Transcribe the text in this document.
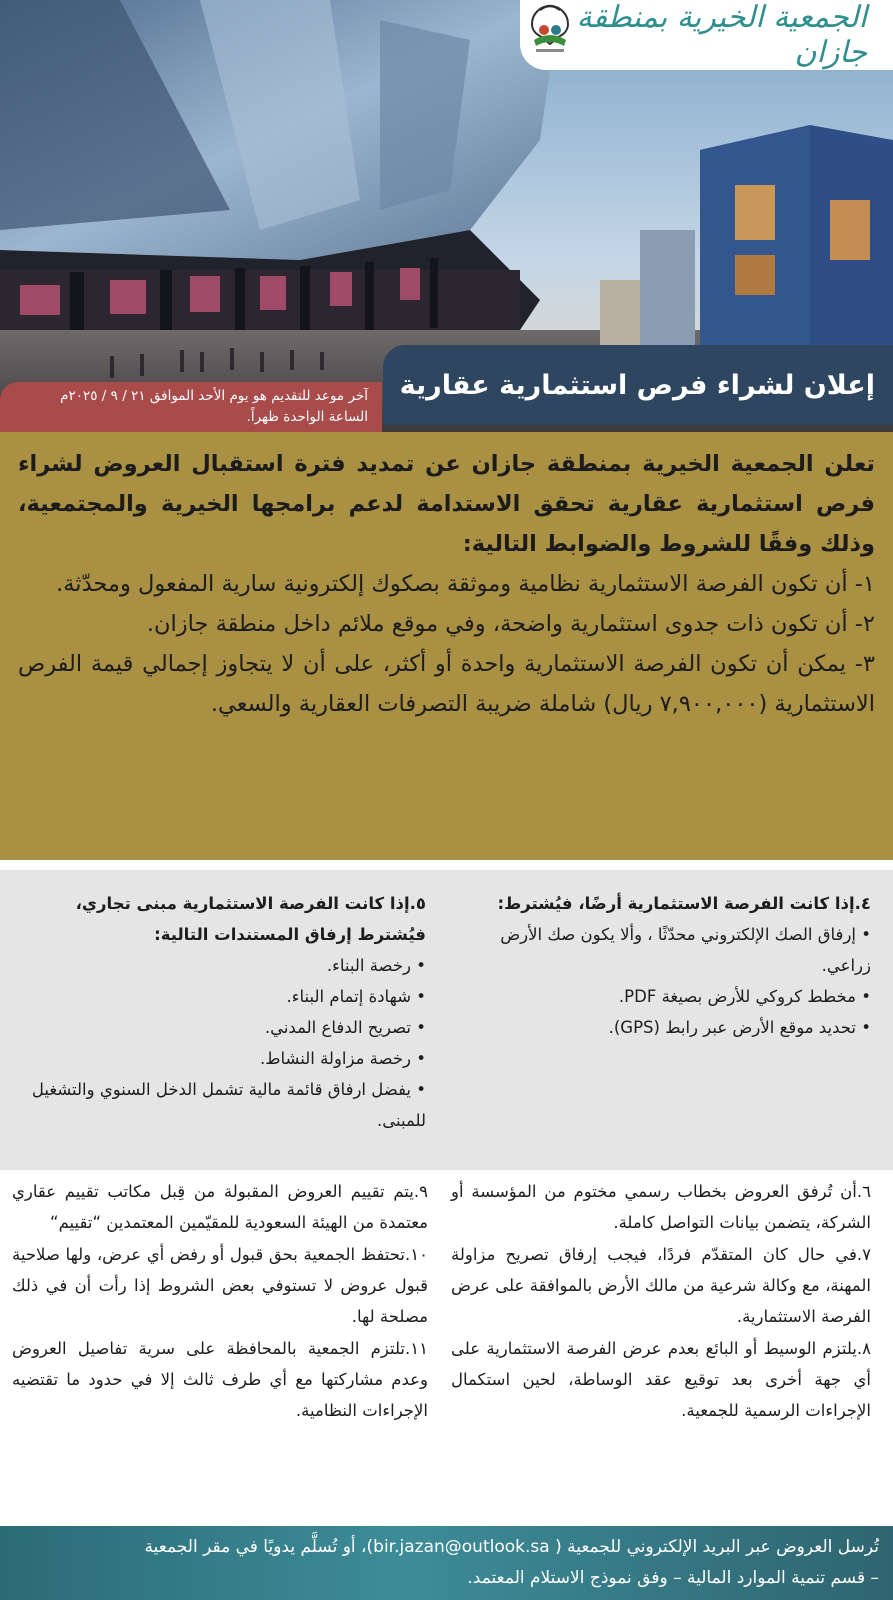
الجمعية الخيرية بمنطقة جازان
إعلان لشراء فرص استثمارية عقارية
آخر موعد للتقديم هو يوم الأحد الموافق ٢١ / ٩ / ٢٠٢٥م
الساعة الواحدة ظهراً.

تعلن الجمعية الخيرية بمنطقة جازان عن تمديد فترة استقبال العروض لشراء فرص استثمارية عقارية تحقق الاستدامة لدعم برامجها الخيرية والمجتمعية، وذلك وفقًا للشروط والضوابط التالية:

١- أن تكون الفرصة الاستثمارية نظامية وموثقة بصكوك إلكترونية سارية المفعول ومحدّثة.

٢- أن تكون ذات جدوى استثمارية واضحة، وفي موقع ملائم داخل منطقة جازان.

٣- يمكن أن تكون الفرصة الاستثمارية واحدة أو أكثر، على أن لا يتجاوز إجمالي قيمة الفرص الاستثمارية (٧,٩٠٠,٠٠٠ ريال) شاملة ضريبة التصرفات العقارية والسعي.

٤.إذا كانت الفرصة الاستثمارية أرضًا، فيُشترط:
• إرفاق الصك الإلكتروني محدّثًا ، وألا يكون صك الأرض زراعي.
• مخطط كروكي للأرض بصيغة PDF.
• تحديد موقع الأرض عبر رابط (GPS).
٥.إذا كانت الفرصة الاستثمارية مبنى تجاري، فيُشترط إرفاق المستندات التالية:
• رخصة البناء.
• شهادة إتمام البناء.
• تصريح الدفاع المدني.
• رخصة مزاولة النشاط.
• يفضل ارفاق قائمة مالية تشمل الدخل السنوي والتشغيل للمبنى.

٦.أن تُرفق العروض بخطاب رسمي مختوم من المؤسسة أو الشركة، يتضمن بيانات التواصل كاملة.

٧.في حال كان المتقدّم فردًا، فيجب إرفاق تصريح مزاولة المهنة، مع وكالة شرعية من مالك الأرض بالموافقة على عرض الفرصة الاستثمارية.

٨.يلتزم الوسيط أو البائع بعدم عرض الفرصة الاستثمارية على أي جهة أخرى بعد توقيع عقد الوساطة، لحين استكمال الإجراءات الرسمية للجمعية.

٩.يتم تقييم العروض المقبولة من قِبل مكاتب تقييم عقاري معتمدة من الهيئة السعودية للمقيّمين المعتمدين “تقييم“

١٠.تحتفظ الجمعية بحق قبول أو رفض أي عرض، ولها صلاحية قبول عروض لا تستوفي بعض الشروط إذا رأت أن في ذلك مصلحة لها.

١١.تلتزم الجمعية بالمحافظة على سرية تفاصيل العروض وعدم مشاركتها مع أي طرف ثالث إلا في حدود ما تقتضيه الإجراءات النظامية.

تُرسل العروض عبر البريد الإلكتروني للجمعية ( bir.jazan@outlook.sa)، أو تُسلَّم يدويًا في مقر الجمعية
– قسم تنمية الموارد المالية – وفق نموذج الاستلام المعتمد.
